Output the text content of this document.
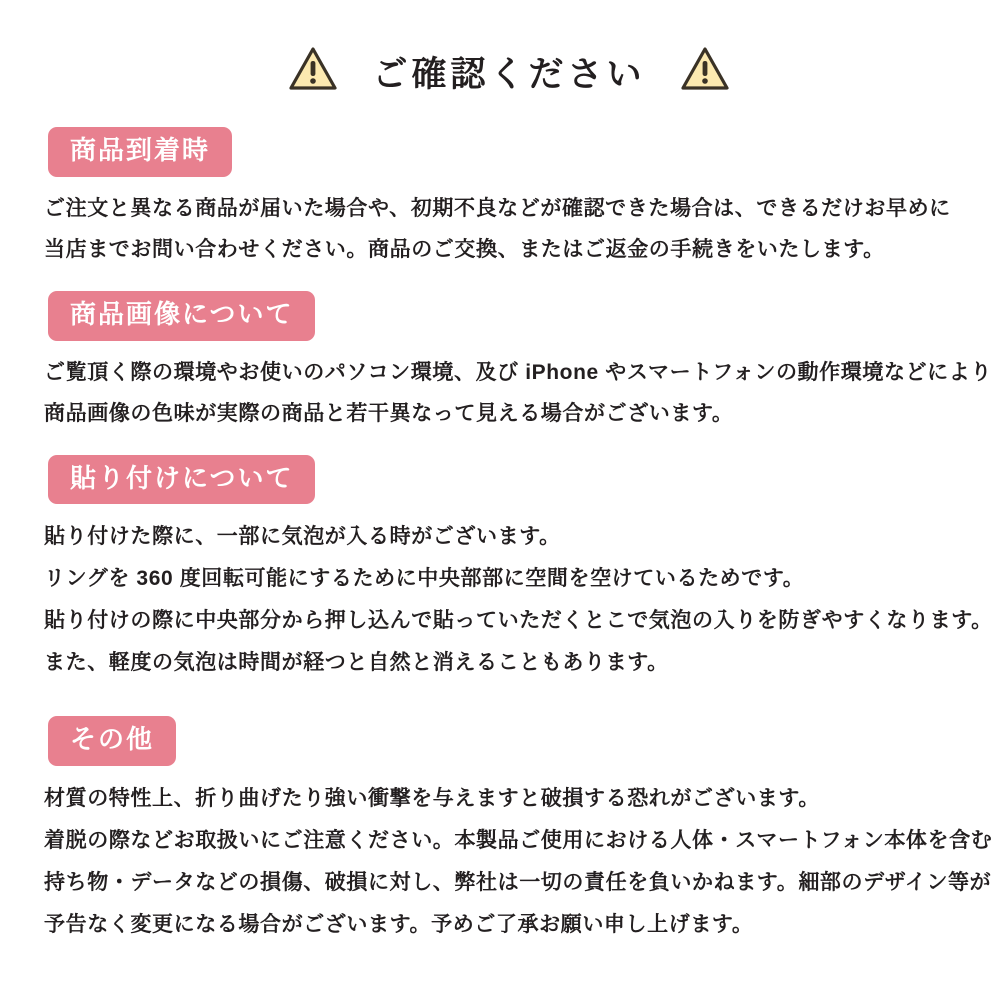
ご確認ください
商品到着時
ご注文と異なる商品が届いた場合や、初期不良などが確認できた場合は、できるだけお早めに
当店までお問い合わせください。商品のご交換、またはご返金の手続きをいたします。
商品画像について
ご覧頂く際の環境やお使いのパソコン環境、及び iPhone やスマートフォンの動作環境などにより
商品画像の色味が実際の商品と若干異なって見える場合がございます。
貼り付けについて
貼り付けた際に、一部に気泡が入る時がございます。
リングを 360 度回転可能にするために中央部部に空間を空けているためです。
貼り付けの際に中央部分から押し込んで貼っていただくとこで気泡の入りを防ぎやすくなります。
また、軽度の気泡は時間が経つと自然と消えることもあります。
その他
材質の特性上、折り曲げたり強い衝撃を与えますと破損する恐れがございます。
着脱の際などお取扱いにご注意ください。本製品ご使用における人体・スマートフォン本体を含む
持ち物・データなどの損傷、破損に対し、弊社は一切の責任を負いかねます。細部のデザイン等が
予告なく変更になる場合がございます。予めご了承お願い申し上げます。
